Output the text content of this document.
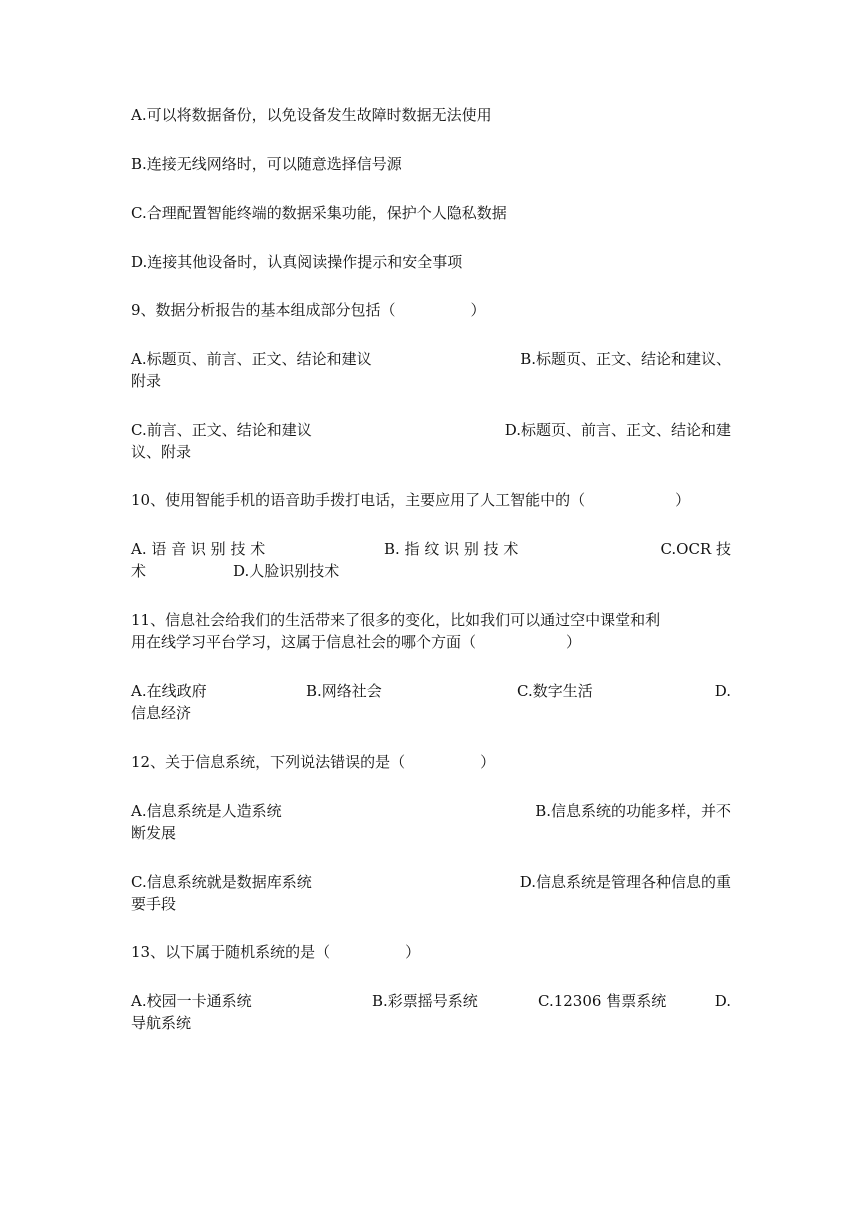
A.可以将数据备份，以免设备发生故障时数据无法使用
B.连接无线网络时，可以随意选择信号源
C.合理配置智能终端的数据采集功能，保护个人隐私数据
D.连接其他设备时，认真阅读操作提示和安全事项
9、数据分析报告的基本组成部分包括（　　　　　）
A.标题页、前言、正文、结论和建议	B.标题页、正文、结论和建议、
附录
C.前言、正文、结论和建议	D.标题页、前言、正文、结论和建
议、附录
10、使用智能手机的语音助手拨打电话，主要应用了人工智能中的（　　　　　　）
A. 语 音 识 别 技 术	B. 指 纹 识 别 技 术	C.OCR 技
术	D.人脸识别技术
11、信息社会给我们的生活带来了很多的变化，比如我们可以通过空中课堂和利
用在线学习平台学习，这属于信息社会的哪个方面（　　　　　　）
A.在线政府	B.网络社会	C.数字生活	D.
信息经济
12、关于信息系统，下列说法错误的是（　　　　　）
A.信息系统是人造系统	B.信息系统的功能多样，并不
断发展
C.信息系统就是数据库系统	D.信息系统是管理各种信息的重
要手段
13、以下属于随机系统的是（　　　　　）
A.校园一卡通系统	B.彩票摇号系统	C.12306 售票系统	D.
导航系统
